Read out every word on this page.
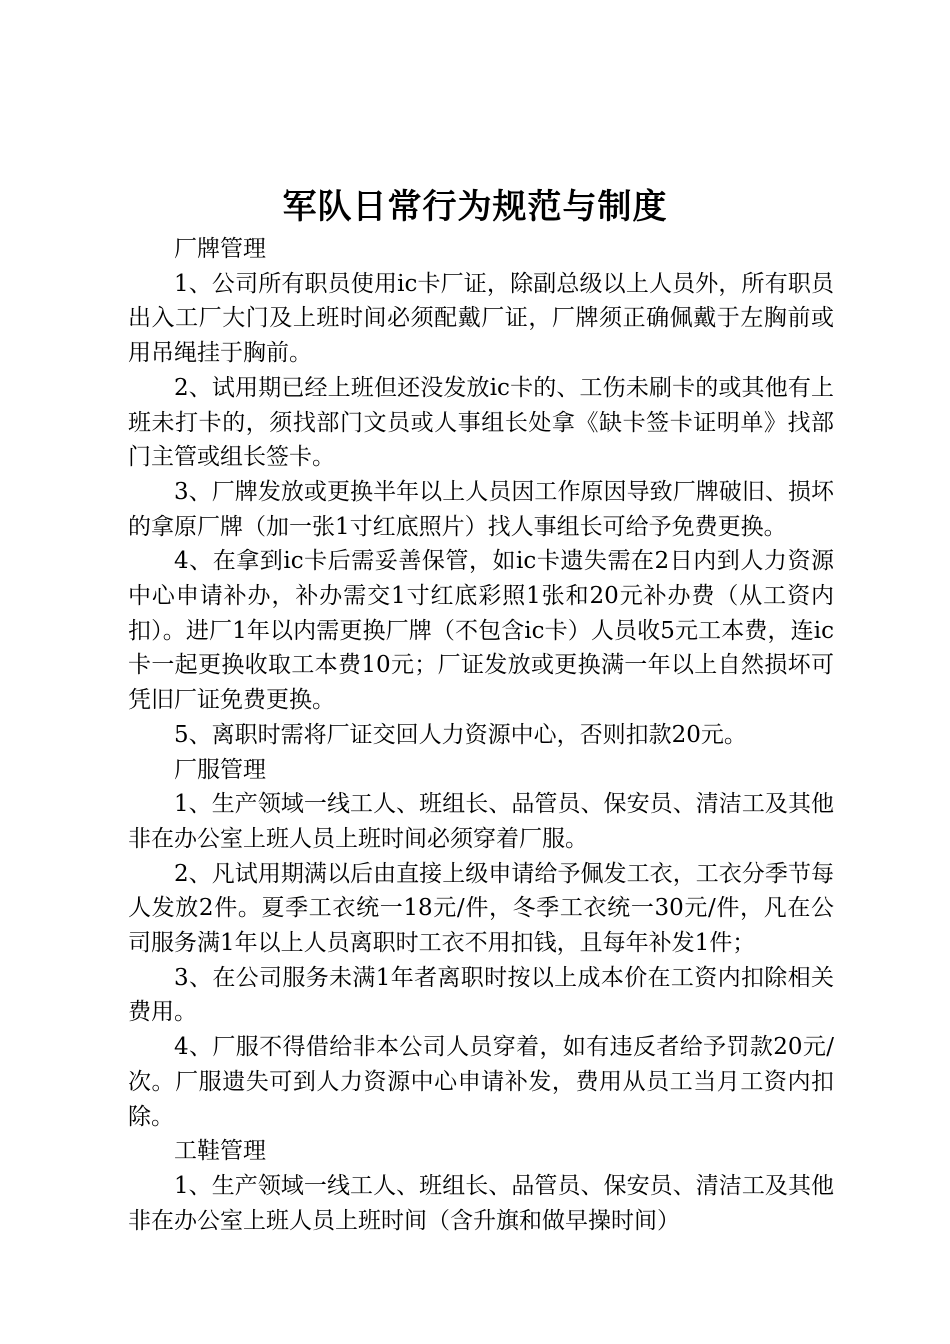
军队日常行为规范与制度

厂牌管理

1、公司所有职员使用ic卡厂证，除副总级以上人员外，所有职员出入工厂大门及上班时间必须配戴厂证，厂牌须正确佩戴于左胸前或用吊绳挂于胸前。

2、试用期已经上班但还没发放ic卡的、工伤未刷卡的或其他有上班未打卡的，须找部门文员或人事组长处拿《缺卡签卡证明单》找部门主管或组长签卡。

3、厂牌发放或更换半年以上人员因工作原因导致厂牌破旧、损坏的拿原厂牌（加一张1寸红底照片）找人事组长可给予免费更换。

4、在拿到ic卡后需妥善保管，如ic卡遗失需在2日内到人力资源中心申请补办，补办需交1寸红底彩照1张和20元补办费（从工资内扣）。进厂1年以内需更换厂牌（不包含ic卡）人员收5元工本费，连ic卡一起更换收取工本费10元；厂证发放或更换满一年以上自然损坏可凭旧厂证免费更换。

5、离职时需将厂证交回人力资源中心，否则扣款20元。

厂服管理

1、生产领域一线工人、班组长、品管员、保安员、清洁工及其他非在办公室上班人员上班时间必须穿着厂服。

2、凡试用期满以后由直接上级申请给予佩发工衣，工衣分季节每人发放2件。夏季工衣统一18元/件，冬季工衣统一30元/件，凡在公司服务满1年以上人员离职时工衣不用扣钱，且每年补发1件；

3、在公司服务未满1年者离职时按以上成本价在工资内扣除相关费用。

4、厂服不得借给非本公司人员穿着，如有违反者给予罚款20元/次。厂服遗失可到人力资源中心申请补发，费用从员工当月工资内扣除。

工鞋管理

1、生产领域一线工人、班组长、品管员、保安员、清洁工及其他非在办公室上班人员上班时间（含升旗和做早操时间）
